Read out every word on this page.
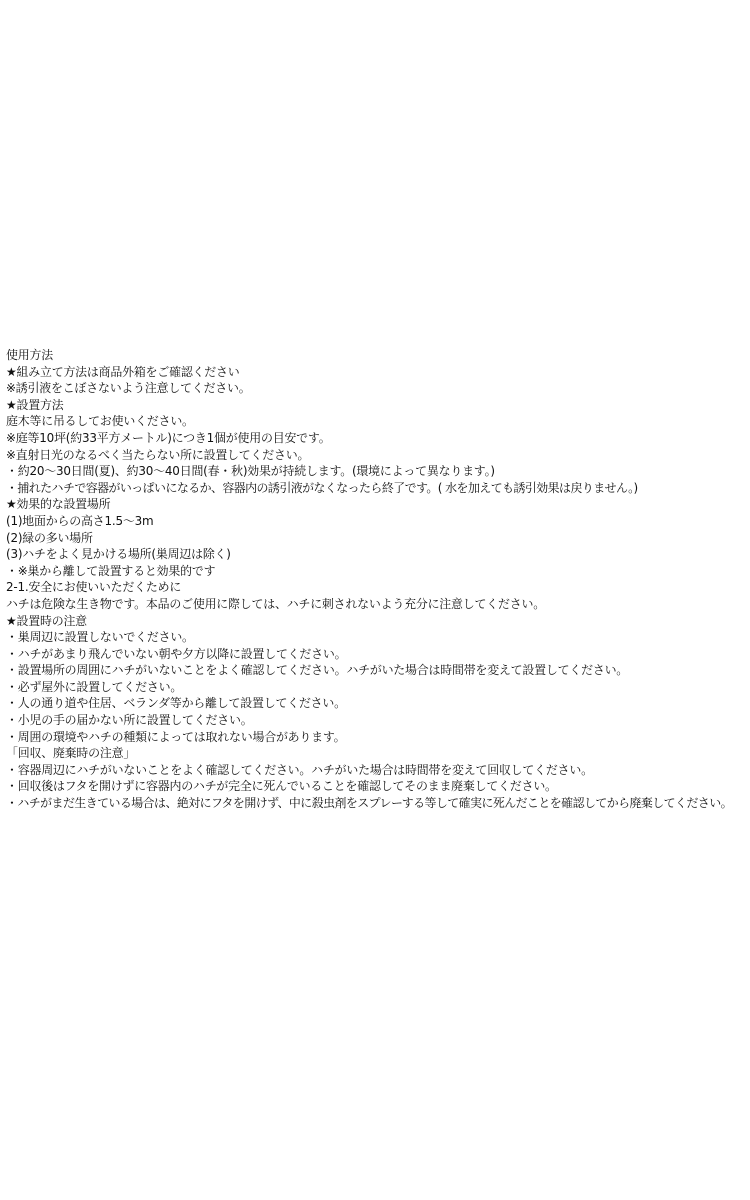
使用方法
★組み立て方法は商品外箱をご確認ください
※誘引液をこぼさないよう注意してください。
★設置方法
庭木等に吊るしてお使いください。
※庭等10坪(約33平方メートル)につき1個が使用の目安です。
※直射日光のなるべく当たらない所に設置してください。
・約20～30日間(夏)、約30～40日間(春・秋)効果が持続します。(環境によって異なります。)
・捕れたハチで容器がいっぱいになるか、容器内の誘引液がなくなったら終了です。( 水を加えても誘引効果は戻りません。)
★効果的な設置場所
(1)地面からの高さ1.5～3m
(2)緑の多い場所
(3)ハチをよく見かける場所(巣周辺は除く)
・※巣から離して設置すると効果的です
2-1.安全にお使いいただくために
ハチは危険な生き物です。本品のご使用に際しては、ハチに刺されないよう充分に注意してください。
★設置時の注意
・巣周辺に設置しないでください。
・ハチがあまり飛んでいない朝や夕方以降に設置してください。
・設置場所の周囲にハチがいないことをよく確認してください。ハチがいた場合は時間帯を変えて設置してください。
・必ず屋外に設置してください。
・人の通り道や住居、ベランダ等から離して設置してください。
・小児の手の届かない所に設置してください。
・周囲の環境やハチの種類によっては取れない場合があります。
「回収、廃棄時の注意」
・容器周辺にハチがいないことをよく確認してください。ハチがいた場合は時間帯を変えて回収してください。
・回収後はフタを開けずに容器内のハチが完全に死んでいることを確認してそのまま廃棄してください。
・ハチがまだ生きている場合は、絶対にフタを開けず、中に殺虫剤をスプレーする等して確実に死んだことを確認してから廃棄してください。
